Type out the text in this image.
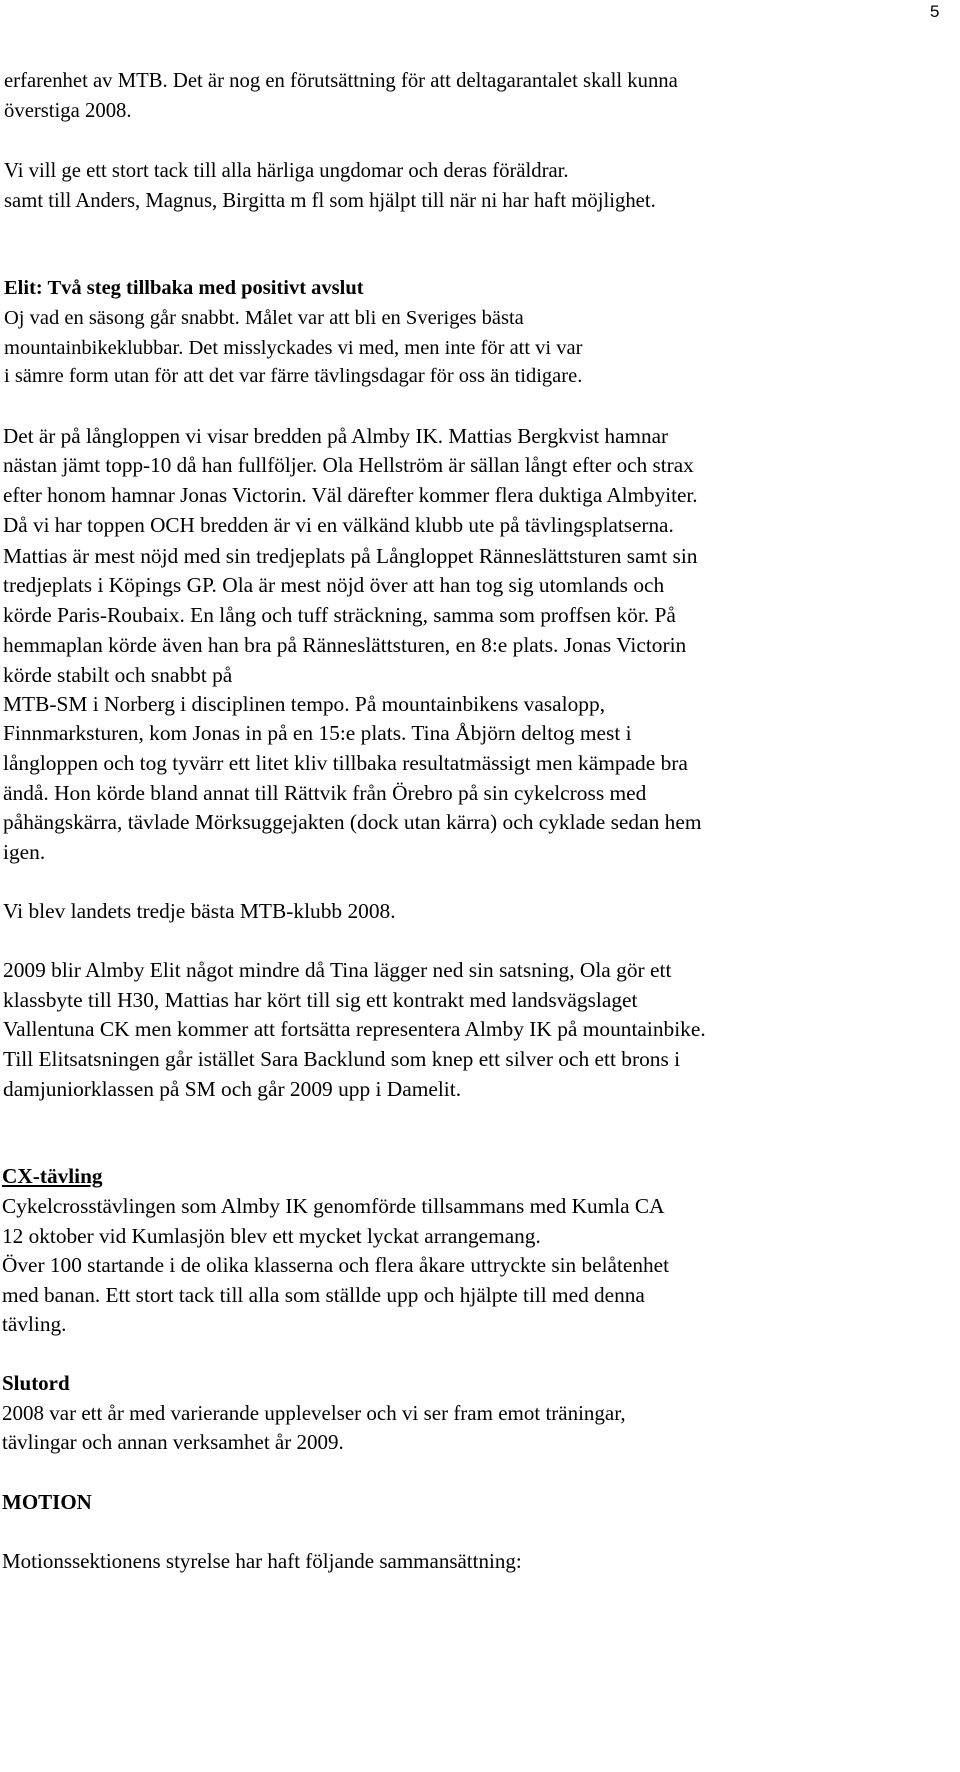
5

erfarenhet av MTB. Det är nog en förutsättning för att deltagarantalet skall kunna

överstiga 2008.

Vi vill ge ett stort tack till alla härliga ungdomar och deras föräldrar.

samt till Anders, Magnus, Birgitta m fl som hjälpt till när ni har haft möjlighet.

Elit: Två steg tillbaka med positivt avslut

Oj vad en säsong går snabbt. Målet var att bli en Sveriges bästa

mountainbikeklubbar. Det misslyckades vi med, men inte för att vi var

i sämre form utan för att det var färre tävlingsdagar för oss än tidigare.

Det är på långloppen vi visar bredden på Almby IK. Mattias Bergkvist hamnar

nästan jämt topp-10 då han fullföljer. Ola Hellström är sällan långt efter och strax

efter honom hamnar Jonas Victorin. Väl därefter kommer flera duktiga Almbyiter.

Då vi har toppen OCH bredden är vi en välkänd klubb ute på tävlingsplatserna.

Mattias är mest nöjd med sin tredjeplats på Långloppet Rännеslättsturen samt sin

tredjeplats i Köpings GP. Ola är mest nöjd över att han tog sig utomlands och

körde Paris-Roubaix. En lång och tuff sträckning, samma som proffsen kör. På

hemmaplan körde även han bra på Rännеslättsturen, en 8:e plats. Jonas Victorin

körde stabilt och snabbt på

MTB-SM i Norberg i disciplinen tempo. På mountainbikens vasalopp,

Finnmarksturen, kom Jonas in på en 15:e plats. Tina Åbjörn deltog mest i

långloppen och tog tyvärr ett litet kliv tillbaka resultatmässigt men kämpade bra

ändå. Hon körde bland annat till Rättvik från Örebro på sin cykelcross med

påhängskärra, tävlade Mörksuggejakten (dock utan kärra) och cyklade sedan hem

igen.

Vi blev landets tredje bästa MTB-klubb 2008.

2009 blir Almby Elit något mindre då Tina lägger ned sin satsning, Ola gör ett

klassbyte till H30, Mattias har kört till sig ett kontrakt med landsvägslaget

Vallentuna CK men kommer att fortsätta representera Almby IK på mountainbike.

Till Elitsatsningen går istället Sara Backlund som knep ett silver och ett brons i

damjuniorklassen på SM och går 2009 upp i Damelit.

CX-tävling

Cykelcrosstävlingen som Almby IK genomförde tillsammans med Kumla CA

12 oktober vid Kumlasjön blev ett mycket lyckat arrangemang.

Över 100 startande i de olika klasserna och flera åkare uttryckte sin belåtenhet

med banan. Ett stort tack till alla som ställde upp och hjälpte till med denna

tävling.

Slutord

2008 var ett år med varierande upplevelser och vi ser fram emot träningar,

tävlingar och annan verksamhet år 2009.

MOTION

Motionssektionens styrelse har haft följande sammansättning:
